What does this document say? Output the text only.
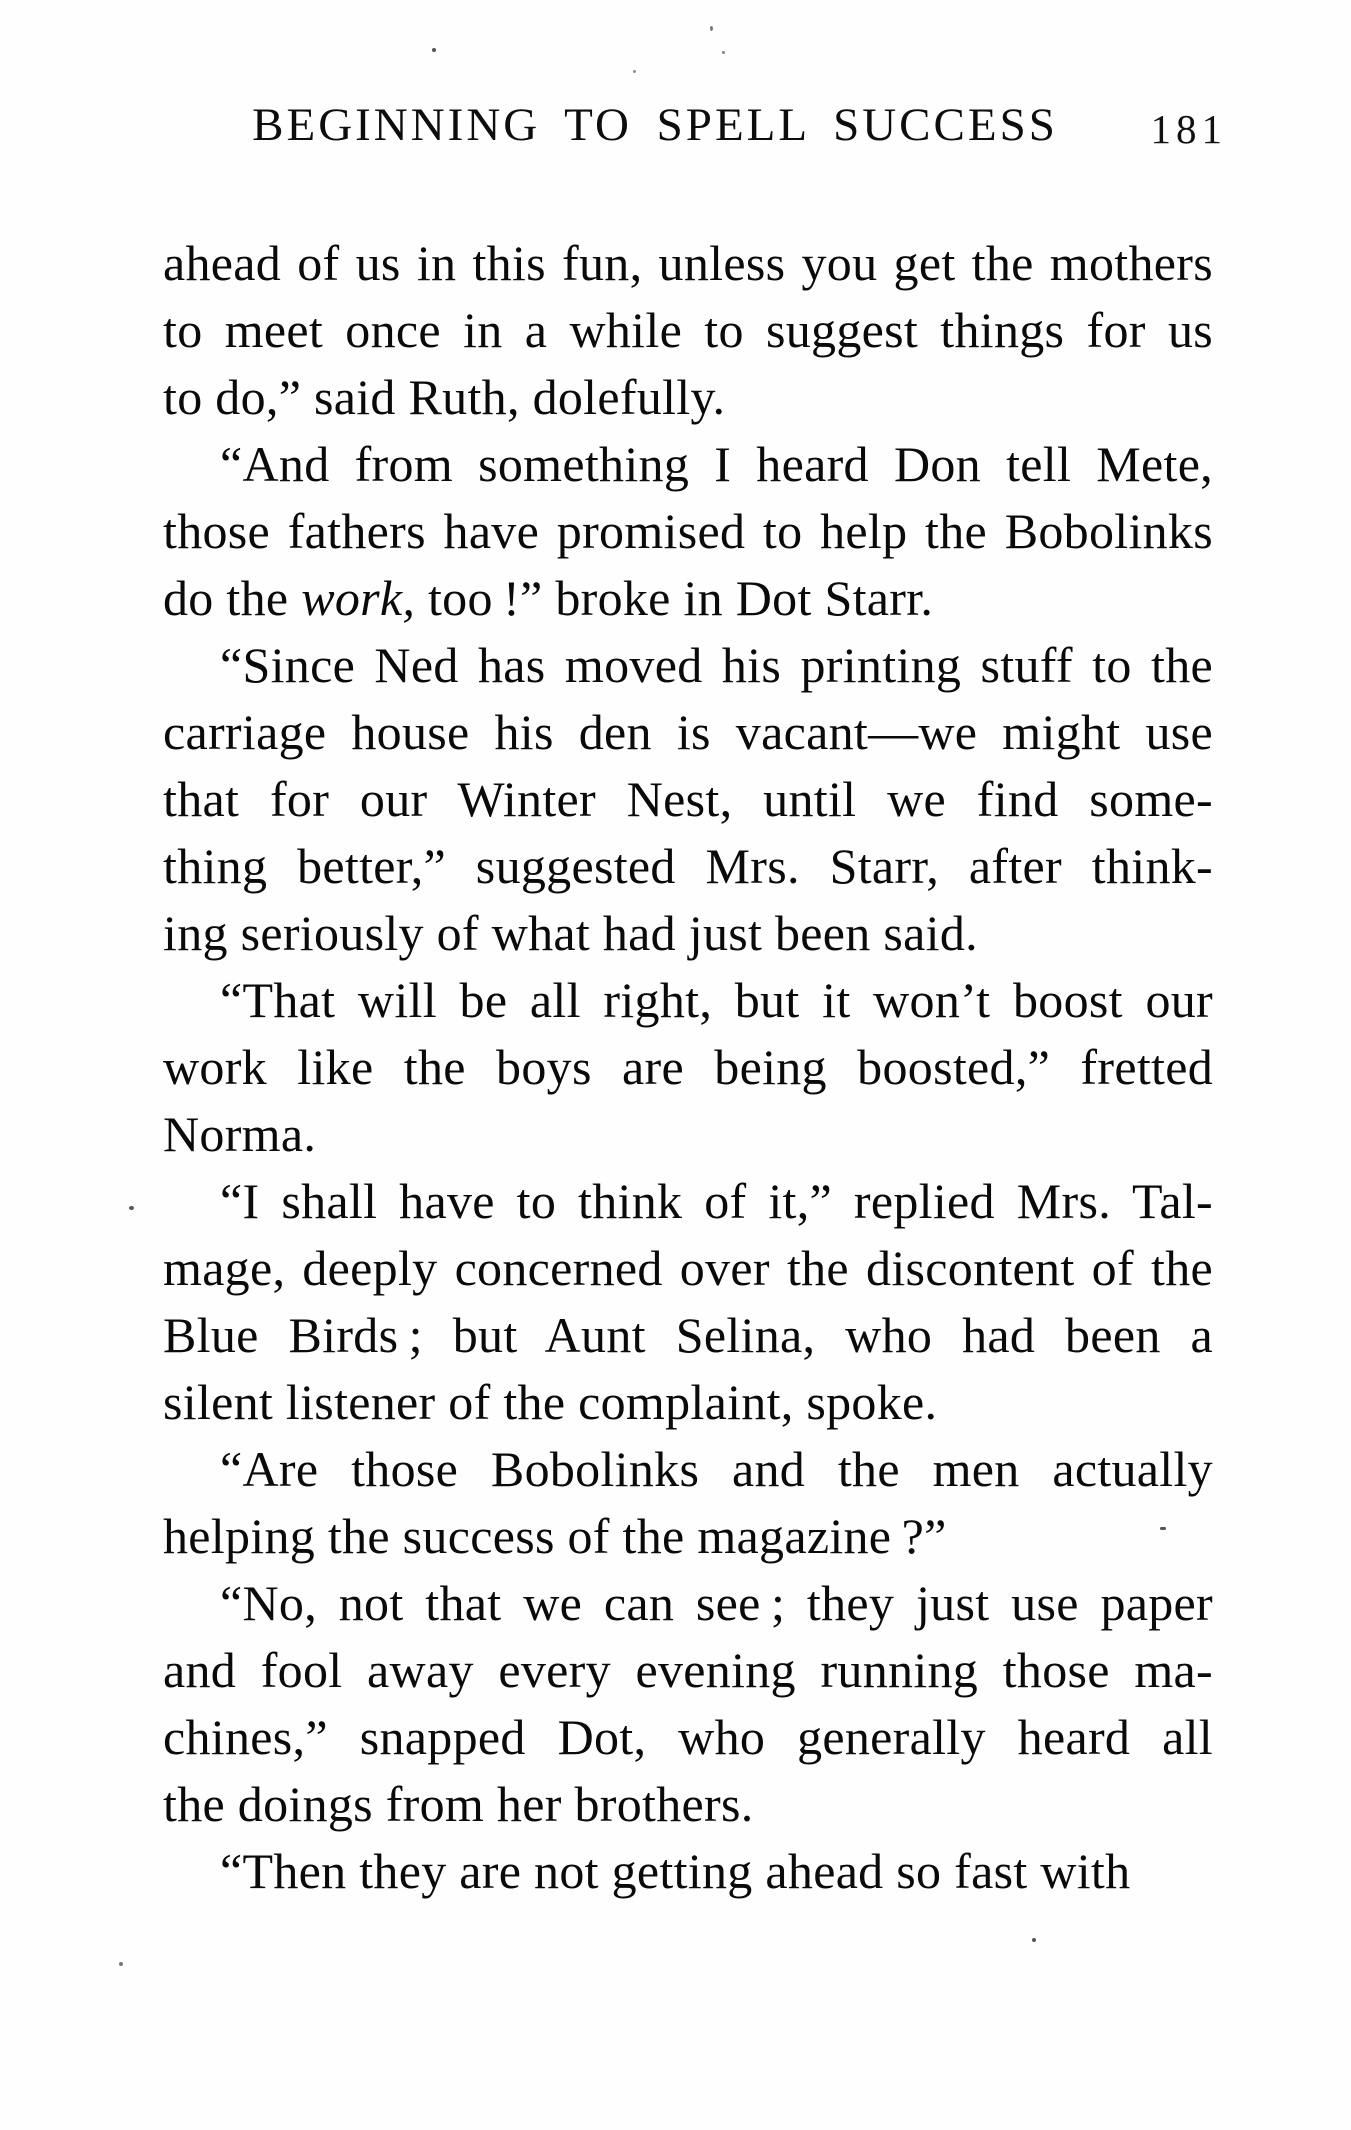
BEGINNING TO SPELL SUCCESS	181
ahead of us in this fun, unless you get the mothers
to meet once in a while to suggest things for us
to do,” said Ruth, dolefully.
“And from something I heard Don tell Mete,
those fathers have promised to help the Bobolinks
do the work, too !” broke in Dot Starr.
“Since Ned has moved his printing stuff to the
carriage house his den is vacant—we might use
that for our Winter Nest, until we find some-
thing better,” suggested Mrs. Starr, after think-
ing seriously of what had just been said.
“That will be all right, but it won’t boost our
work like the boys are being boosted,” fretted
Norma.
“I shall have to think of it,” replied Mrs. Tal-
mage, deeply concerned over the discontent of the
Blue Birds ; but Aunt Selina, who had been a
silent listener of the complaint, spoke.
“Are those Bobolinks and the men actually
helping the success of the magazine ?”
“No, not that we can see ; they just use paper
and fool away every evening running those ma-
chines,” snapped Dot, who generally heard all
the doings from her brothers.
“Then they are not getting ahead so fast with
